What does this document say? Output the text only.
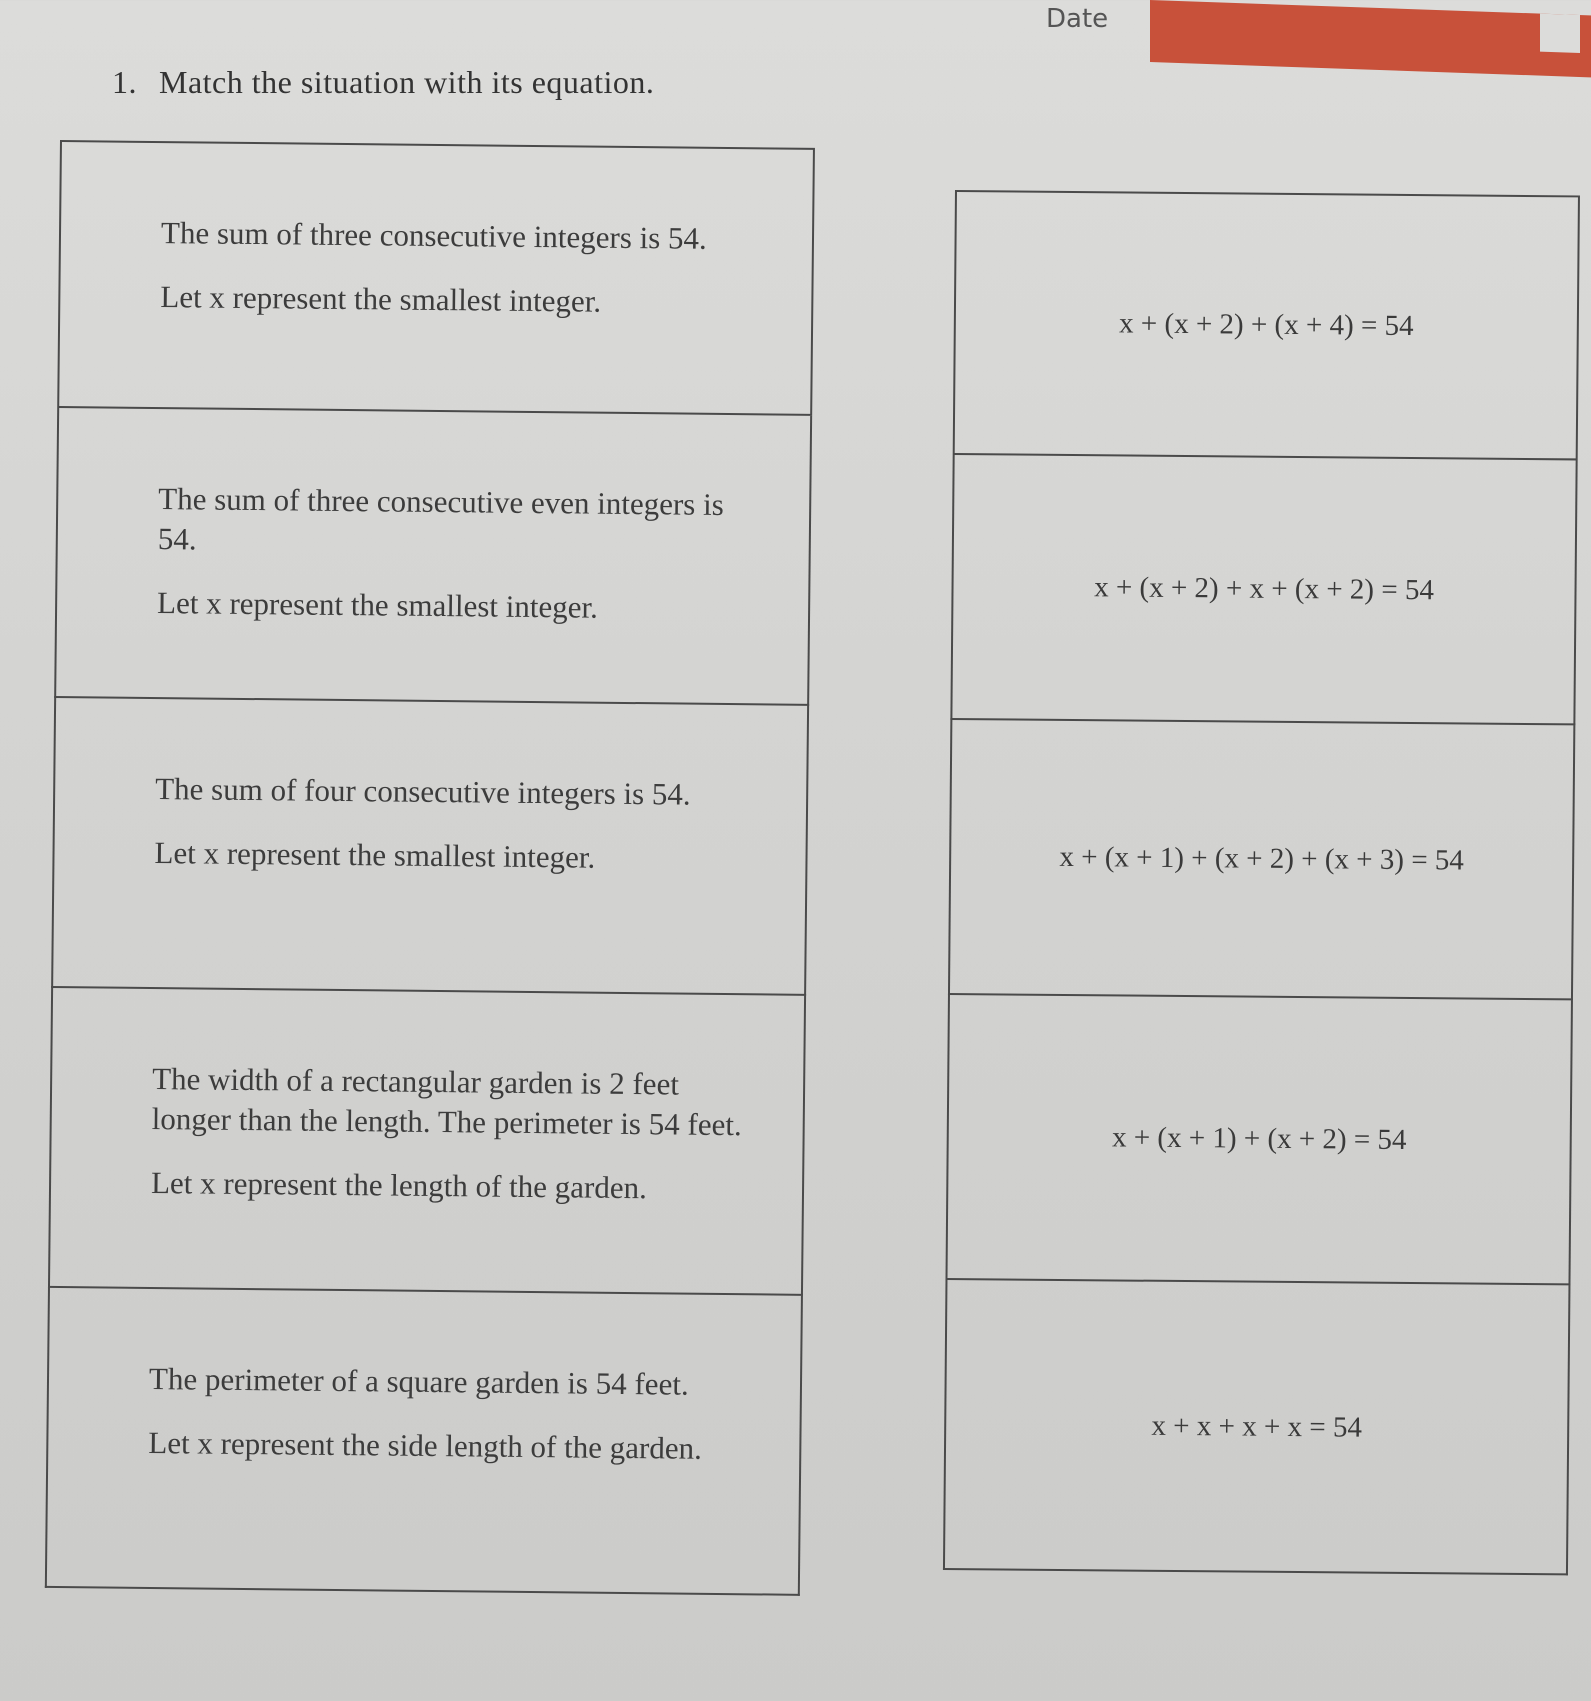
Date
1. Match the situation with its equation.

The sum of three consecutive integers is 54.

Let x represent the smallest integer.

The sum of three consecutive even integers is 54.

Let x represent the smallest integer.

The sum of four consecutive integers is 54.

Let x represent the smallest integer.

The width of a rectangular garden is 2 feet longer than the length. The perimeter is 54 feet.

Let x represent the length of the garden.

The perimeter of a square garden is 54 feet.

Let x represent the side length of the garden.

x + (x + 2) + (x + 4) = 54
x + (x + 2) + x + (x + 2) = 54
x + (x + 1) + (x + 2) + (x + 3) = 54
x + (x + 1) + (x + 2) = 54
x + x + x + x = 54
